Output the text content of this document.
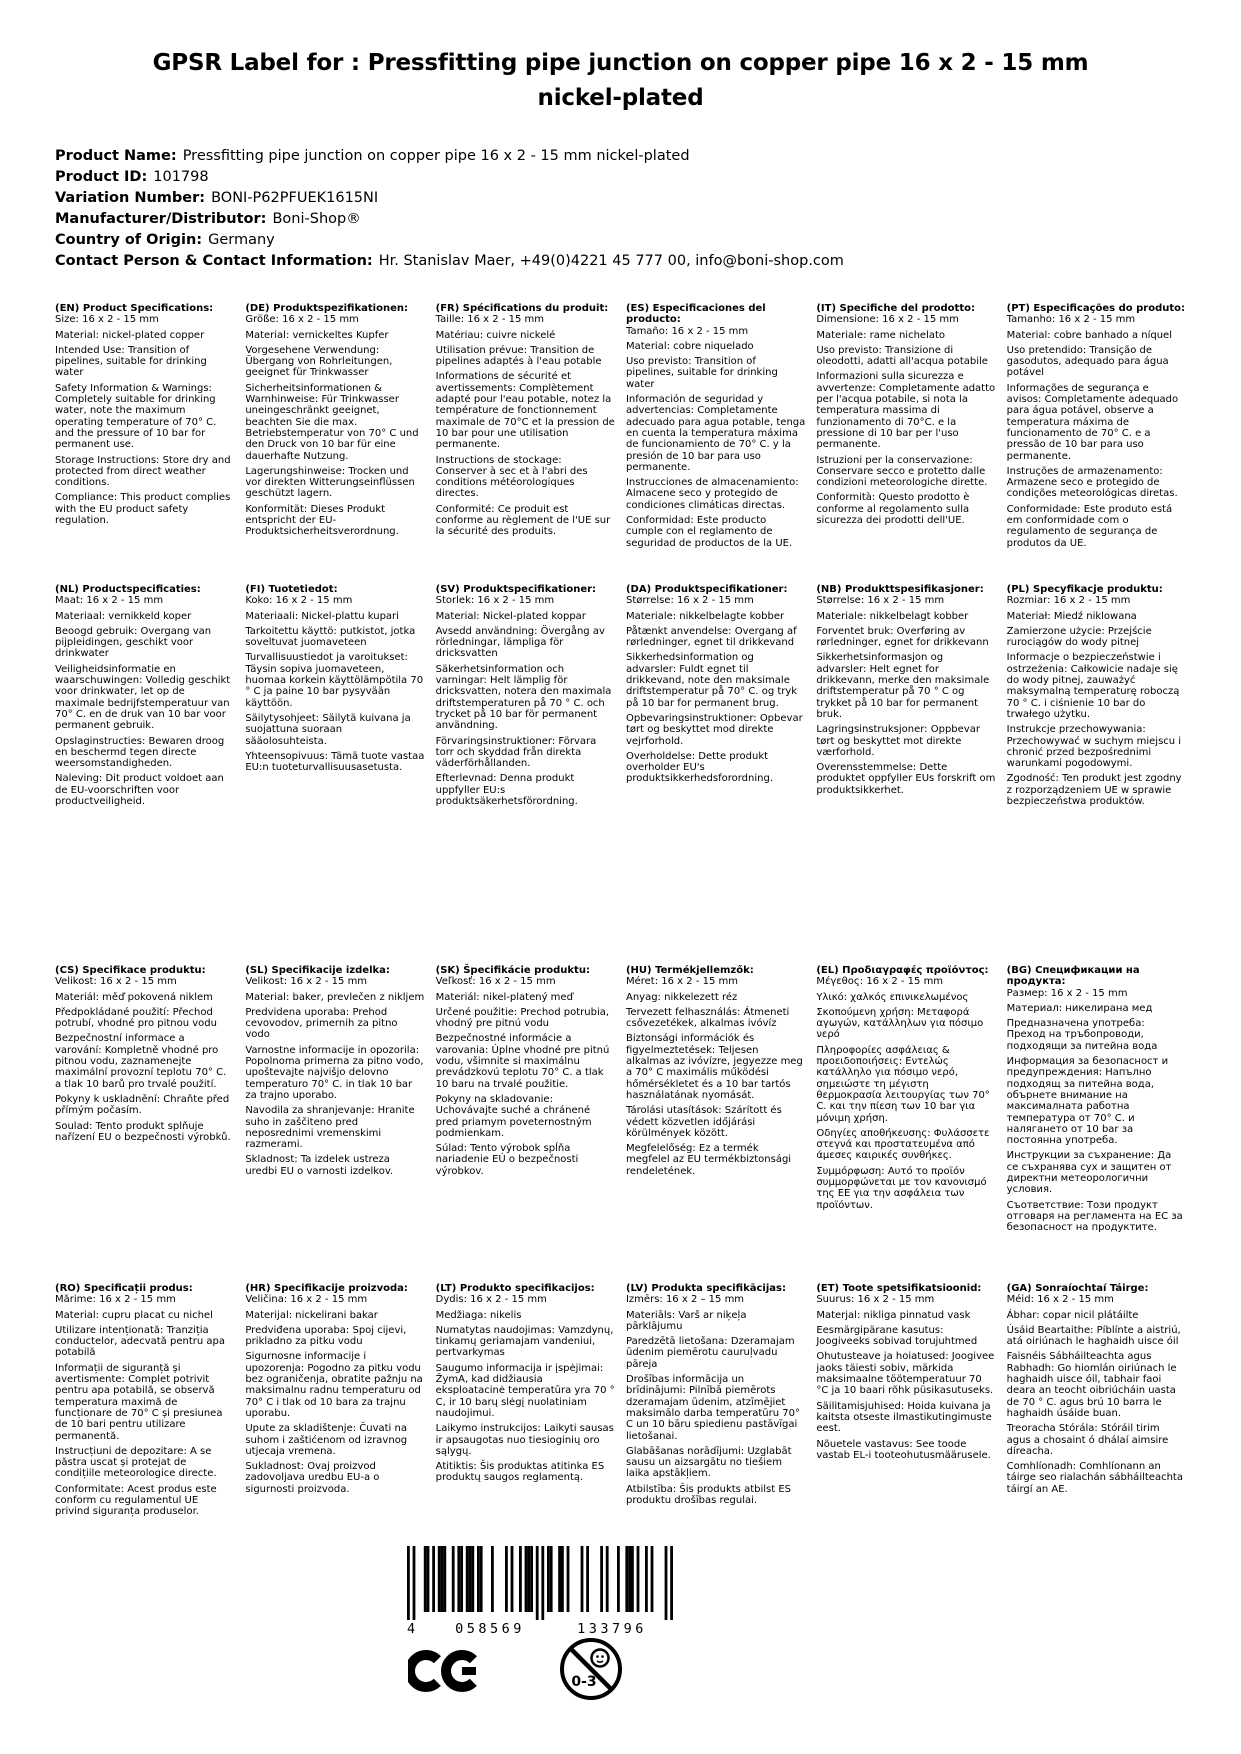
GPSR Label for : Pressfitting pipe junction on copper pipe 16 x 2 - 15 mm nickel-plated
Product Name: Pressfitting pipe junction on copper pipe 16 x 2 - 15 mm nickel-plated
Product ID: 101798
Variation Number: BONI-P62PFUEK1615NI
Manufacturer/Distributor: Boni-Shop®
Country of Origin: Germany
Contact Person & Contact Information: Hr. Stanislav Maer, +49(0)4221 45 777 00, info@boni-shop.com
(EN) Product Specifications:

Size: 16 x 2 - 15 mm

Material: nickel-plated copper

Intended Use: Transition of pipelines, suitable for drinking water

Safety Information & Warnings: Completely suitable for drinking water, note the maximum operating temperature of 70° C. and the pressure of 10 bar for permanent use.

Storage Instructions: Store dry and protected from direct weather conditions.

Compliance: This product complies with the EU product safety regulation.

(DE) Produktspezifikationen:

Größe: 16 x 2 - 15 mm

Material: vernickeltes Kupfer

Vorgesehene Verwendung: Übergang von Rohrleitungen, geeignet für Trinkwasser

Sicherheitsinformationen & Warnhinweise: Für Trinkwasser uneingeschränkt geeignet, beachten Sie die max. Betriebstemperatur von 70° C und den Druck von 10 bar für eine dauerhafte Nutzung.

Lagerungshinweise: Trocken und vor direkten Witterungseinflüssen geschützt lagern.

Konformität: Dieses Produkt entspricht der EU-Produktsicherheitsverordnung.

(FR) Spécifications du produit:

Taille: 16 x 2 - 15 mm

Matériau: cuivre nickelé

Utilisation prévue: Transition de pipelines adaptés à l'eau potable

Informations de sécurité et avertissements: Complètement adapté pour l'eau potable, notez la température de fonctionnement maximale de 70°C et la pression de 10 bar pour une utilisation permanente.

Instructions de stockage: Conserver à sec et à l'abri des conditions météorologiques directes.

Conformité: Ce produit est conforme au règlement de l'UE sur la sécurité des produits.

(ES) Especificaciones del producto:

Tamaño: 16 x 2 - 15 mm

Material: cobre niquelado

Uso previsto: Transition of pipelines, suitable for drinking water

Información de seguridad y advertencias: Completamente adecuado para agua potable, tenga en cuenta la temperatura máxima de funcionamiento de 70° C. y la presión de 10 bar para uso permanente.

Instrucciones de almacenamiento: Almacene seco y protegido de condiciones climáticas directas.

Conformidad: Este producto cumple con el reglamento de seguridad de productos de la UE.

(IT) Specifiche del prodotto:

Dimensione: 16 x 2 - 15 mm

Materiale: rame nichelato

Uso previsto: Transizione di oleodotti, adatti all'acqua potabile

Informazioni sulla sicurezza e avvertenze: Completamente adatto per l'acqua potabile, si nota la temperatura massima di funzionamento di 70°C. e la pressione di 10 bar per l'uso permanente.

Istruzioni per la conservazione: Conservare secco e protetto dalle condizioni meteorologiche dirette.

Conformità: Questo prodotto è conforme al regolamento sulla sicurezza dei prodotti dell'UE.

(PT) Especificações do produto:

Tamanho: 16 x 2 - 15 mm

Material: cobre banhado a níquel

Uso pretendido: Transição de gasodutos, adequado para água potável

Informações de segurança e avisos: Completamente adequado para água potável, observe a temperatura máxima de funcionamento de 70° C. e a pressão de 10 bar para uso permanente.

Instruções de armazenamento: Armazene seco e protegido de condições meteorológicas diretas.

Conformidade: Este produto está em conformidade com o regulamento de segurança de produtos da UE.

(NL) Productspecificaties:

Maat: 16 x 2 - 15 mm

Materiaal: vernikkeld koper

Beoogd gebruik: Overgang van pijpleidingen, geschikt voor drinkwater

Veiligheidsinformatie en waarschuwingen: Volledig geschikt voor drinkwater, let op de maximale bedrijfstemperatuur van 70° C. en de druk van 10 bar voor permanent gebruik.

Opslaginstructies: Bewaren droog en beschermd tegen directe weersomstandigheden.

Naleving: Dit product voldoet aan de EU-voorschriften voor productveiligheid.

(FI) Tuotetiedot:

Koko: 16 x 2 - 15 mm

Materiaali: Nickel-plattu kupari

Tarkoitettu käyttö: putkistot, jotka soveltuvat juomaveteen

Turvallisuustiedot ja varoitukset: Täysin sopiva juomaveteen, huomaa korkein käyttölämpötila 70 ° C ja paine 10 bar pysyvään käyttöön.

Säilytysohjeet: Säilytä kuivana ja suojattuna suoraan sääolosuhteista.

Yhteensopivuus: Tämä tuote vastaa EU:n tuoteturvallisuusasetusta.

(SV) Produktspecifikationer:

Storlek: 16 x 2 - 15 mm

Material: Nickel-plated koppar

Avsedd användning: Övergång av rörledningar, lämpliga för dricksvatten

Säkerhetsinformation och varningar: Helt lämplig för dricksvatten, notera den maximala driftstemperaturen på 70 ° C. och trycket på 10 bar för permanent användning.

Förvaringsinstruktioner: Förvara torr och skyddad från direkta väderförhållanden.

Efterlevnad: Denna produkt uppfyller EU:s produktsäkerhetsförordning.

(DA) Produktspecifikationer:

Størrelse: 16 x 2 - 15 mm

Materiale: nikkelbelagte kobber

Påtænkt anvendelse: Overgang af rørledninger, egnet til drikkevand

Sikkerhedsinformation og advarsler: Fuldt egnet til drikkevand, note den maksimale driftstemperatur på 70° C. og tryk på 10 bar for permanent brug.

Opbevaringsinstruktioner: Opbevar tørt og beskyttet mod direkte vejrforhold.

Overholdelse: Dette produkt overholder EU's produktsikkerhedsforordning.

(NB) Produkttspesifikasjoner:

Størrelse: 16 x 2 - 15 mm

Materiale: nikkelbelagt kobber

Forventet bruk: Overføring av rørledninger, egnet for drikkevann

Sikkerhetsinformasjon og advarsler: Helt egnet for drikkevann, merke den maksimale driftstemperatur på 70 ° C og trykket på 10 bar for permanent bruk.

Lagringsinstruksjoner: Oppbevar tørt og beskyttet mot direkte værforhold.

Overensstemmelse: Dette produktet oppfyller EUs forskrift om produktsikkerhet.

(PL) Specyfikacje produktu:

Rozmiar: 16 x 2 - 15 mm

Materiał: Miedź niklowana

Zamierzone użycie: Przejście rurociągów do wody pitnej

Informacje o bezpieczeństwie i ostrzeżenia: Całkowicie nadaje się do wody pitnej, zauważyć maksymalną temperaturę roboczą 70 ° C. i ciśnienie 10 bar do trwałego użytku.

Instrukcje przechowywania: Przechowywać w suchym miejscu i chronić przed bezpośrednimi warunkami pogodowymi.

Zgodność: Ten produkt jest zgodny z rozporządzeniem UE w sprawie bezpieczeństwa produktów.

(CS) Specifikace produktu:

Velikost: 16 x 2 - 15 mm

Materiál: měď pokovená niklem

Předpokládané použití: Přechod potrubí, vhodné pro pitnou vodu

Bezpečnostní informace a varování: Kompletně vhodné pro pitnou vodu, zaznamenejte maximální provozní teplotu 70° C. a tlak 10 barů pro trvalé použití.

Pokyny k uskladnění: Chraňte před přímým počasím.

Soulad: Tento produkt splňuje nařízení EU o bezpečnosti výrobků.

(SL) Specifikacije izdelka:

Velikost: 16 x 2 - 15 mm

Material: baker, prevlečen z nikljem

Predvidena uporaba: Prehod cevovodov, primernih za pitno vodo

Varnostne informacije in opozorila: Popolnoma primerna za pitno vodo, upoštevajte najvišjo delovno temperaturo 70° C. in tlak 10 bar za trajno uporabo.

Navodila za shranjevanje: Hranite suho in zaščiteno pred neposrednimi vremenskimi razmerami.

Skladnost: Ta izdelek ustreza uredbi EU o varnosti izdelkov.

(SK) Špecifikácie produktu:

Veľkosť: 16 x 2 - 15 mm

Materiál: nikel-platený meď

Určené použitie: Prechod potrubia, vhodný pre pitnú vodu

Bezpečnostné informácie a varovania: Úplne vhodné pre pitnú vodu, všimnite si maximálnu prevádzkovú teplotu 70° C. a tlak 10 baru na trvalé použitie.

Pokyny na skladovanie: Uchovávajte suché a chránené pred priamym poveternostným podmienkam.

Súlad: Tento výrobok spĺňa nariadenie EÚ o bezpečnosti výrobkov.

(HU) Termékjellemzők:

Méret: 16 x 2 - 15 mm

Anyag: nikkelezett réz

Tervezett felhasználás: Átmeneti csővezetékek, alkalmas ivóvíz

Biztonsági információk és figyelmeztetések: Teljesen alkalmas az ivóvízre, jegyezze meg a 70° C maximális működési hőmérsékletet és a 10 bar tartós használatának nyomását.

Tárolási utasítások: Szárított és védett közvetlen időjárási körülmények között.

Megfelelőség: Ez a termék megfelel az EU termékbiztonsági rendeletének.

(EL) Προδιαγραφές προϊόντος:

Μέγεθος: 16 x 2 - 15 mm

Υλικό: χαλκός επινικελωμένος

Σκοπούμενη χρήση: Μεταφορά αγωγών, κατάλληλων για πόσιμο νερό

Πληροφορίες ασφάλειας & προειδοποιήσεις: Εντελώς κατάλληλο για πόσιμο νερό, σημειώστε τη μέγιστη θερμοκρασία λειτουργίας των 70° C. και την πίεση των 10 bar για μόνιμη χρήση.

Οδηγίες αποθήκευσης: Φυλάσσετε στεγνά και προστατευμένα από άμεσες καιρικές συνθήκες.

Συμμόρφωση: Αυτό το προϊόν συμμορφώνεται με τον κανονισμό της ΕΕ για την ασφάλεια των προϊόντων.

(BG) Спецификации на продукта:

Размер: 16 x 2 - 15 mm

Материал: никелирана мед

Предназначена употреба: Преход на тръбопроводи, подходящи за питейна вода

Информация за безопасност и предупреждения: Напълно подходящ за питейна вода, обърнете внимание на максималната работна температура от 70° C. и налягането от 10 bar за постоянна употреба.

Инструкции за съхранение: Да се съхранява сух и защитен от директни метеорологични условия.

Съответствие: Този продукт отговаря на регламента на ЕС за безопасност на продуктите.

(RO) Specificații produs:

Mărime: 16 x 2 - 15 mm

Material: cupru placat cu nichel

Utilizare intenționată: Tranziția conductelor, adecvată pentru apa potabilă

Informații de siguranță și avertismente: Complet potrivit pentru apa potabilă, se observă temperatura maximă de funcționare de 70° C și presiunea de 10 bari pentru utilizare permanentă.

Instrucțiuni de depozitare: A se păstra uscat și protejat de condițiile meteorologice directe.

Conformitate: Acest produs este conform cu regulamentul UE privind siguranța produselor.

(HR) Specifikacije proizvoda:

Veličina: 16 x 2 - 15 mm

Materijal: nickelirani bakar

Predviđena uporaba: Spoj cijevi, prikladno za pitku vodu

Sigurnosne informacije i upozorenja: Pogodno za pitku vodu bez ograničenja, obratite pažnju na maksimalnu radnu temperaturu od 70° C i tlak od 10 bara za trajnu uporabu.

Upute za skladištenje: Čuvati na suhom i zaštićenom od izravnog utjecaja vremena.

Sukladnost: Ovaj proizvod zadovoljava uredbu EU-a o sigurnosti proizvoda.

(LT) Produkto specifikacijos:

Dydis: 16 x 2 - 15 mm

Medžiaga: nikelis

Numatytas naudojimas: Vamzdynų, tinkamų geriamajam vandeniui, pertvarkymas

Saugumo informacija ir įspėjimai: ŽymA, kad didžiausia eksploatacinė temperatūra yra 70 ° C, ir 10 barų slėgį nuolatiniam naudojimui.

Laikymo instrukcijos: Laikyti sausas ir apsaugotas nuo tiesioginių oro sąlygų.

Atitiktis: Šis produktas atitinka ES produktų saugos reglamentą.

(LV) Produkta specifikācijas:

Izmērs: 16 x 2 – 15 mm

Materiāls: Varš ar niķeļa pārklājumu

Paredzētā lietošana: Dzeramajam ūdenim piemērotu cauruļvadu pāreja

Drošības informācija un brīdinājumi: Pilnībā piemērots dzeramajam ūdenim, atzīmējiet maksimālo darba temperatūru 70° C un 10 bāru spiedienu pastāvīgai lietošanai.

Glabāšanas norādījumi: Uzglabāt sausu un aizsargātu no tiešiem laika apstākļiem.

Atbilstība: Šis produkts atbilst ES produktu drošības regulai.

(ET) Toote spetsifikatsioonid:

Suurus: 16 x 2 - 15 mm

Materjal: nikliga pinnatud vask

Eesmärgipärane kasutus: Joogiveeks sobivad torujuhtmed

Ohutusteave ja hoiatused: Joogivee jaoks täiesti sobiv, märkida maksimaalne töötemperatuur 70 °C ja 10 baari rõhk püsikasutuseks.

Säilitamisjuhised: Hoida kuivana ja kaitsta otseste ilmastikutingimuste eest.

Nõuetele vastavus: See toode vastab EL-i tooteohutusmäärusele.

(GA) Sonraíochtaí Táirge:

Méid: 16 x 2 - 15 mm

Ábhar: copar nicil plátáilte

Úsáid Beartaithe: Píblínte a aistriú, atá oiriúnach le haghaidh uisce óil

Faisnéis Sábháilteachta agus Rabhadh: Go hiomlán oiriúnach le haghaidh uisce óil, tabhair faoi deara an teocht oibriúcháin uasta de 70 ° C. agus brú 10 barra le haghaidh úsáide buan.

Treoracha Stórála: Stóráil tirim agus a chosaint ó dhálaí aimsire díreacha.

Comhlíonadh: Comhlíonann an táirge seo rialachán sábháilteachta táirgí an AE.

4	058569	133796
0-3
